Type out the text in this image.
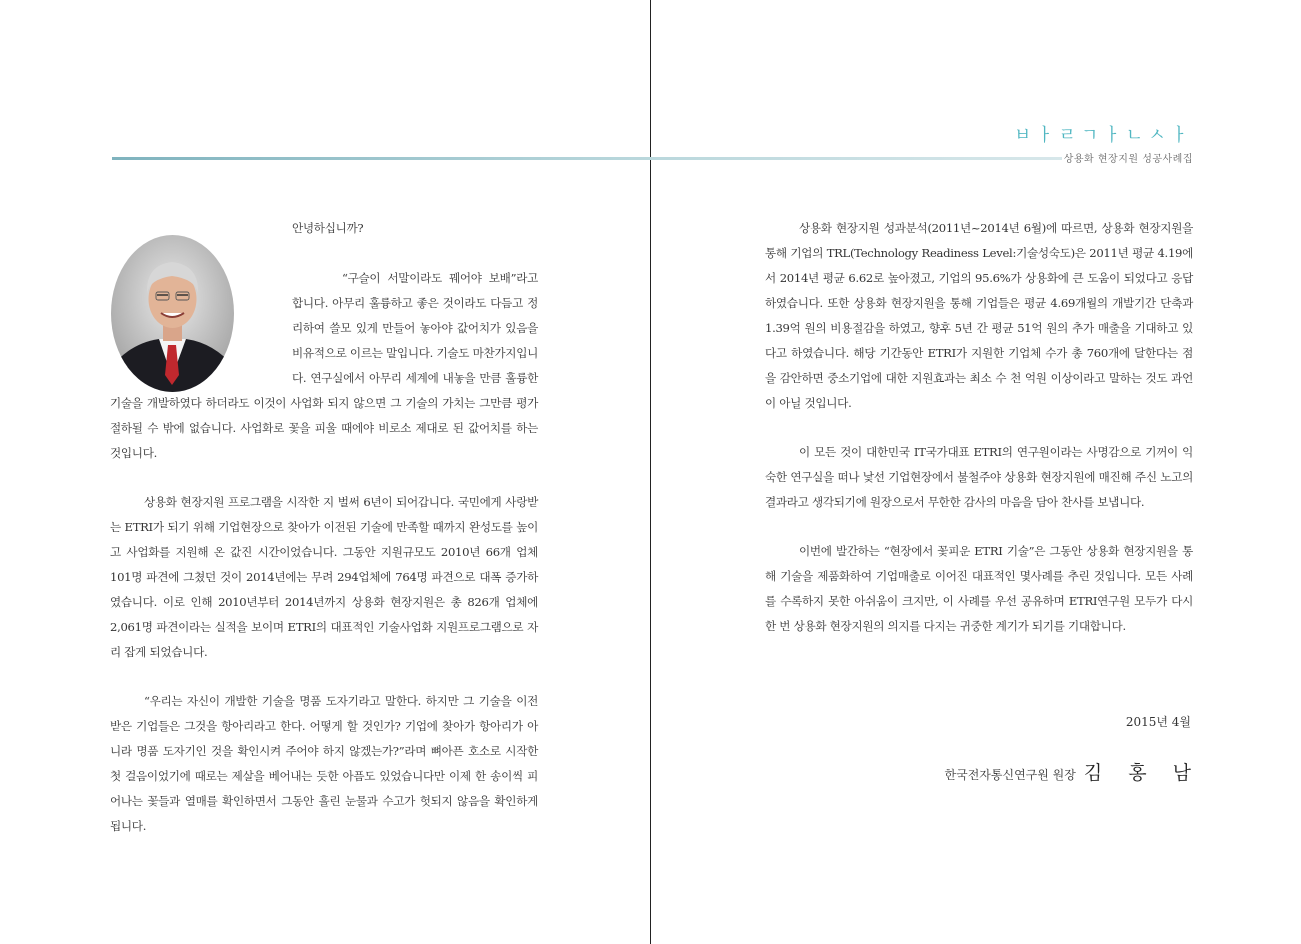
ㅂㅏㄹㄱㅏㄴㅅㅏ
상용화 현장지원 성공사례집
안녕하십니까?

“구슬이 서말이라도 꿰어야 보배”라고 합니다. 아무리 훌륭하고 좋은 것이라도 다듬고 정리하여 쓸모 있게 만들어 놓아야 값어치가 있음을 비유적으로 이르는 말입니다. 기술도 마찬가지입니다. 연구실에서 아무리 세계에 내놓을 만큼 훌륭한 기술을 개발하였다 하더라도 이것이 사업화 되지 않으면 그 기술의 가치는 그만큼 평가절하될 수 밖에 없습니다. 사업화로 꽃을 피울 때에야 비로소 제대로 된 값어치를 하는 것입니다.

상용화 현장지원 프로그램을 시작한 지 벌써 6년이 되어갑니다. 국민에게 사랑받는 ETRI가 되기 위해 기업현장으로 찾아가 이전된 기술에 만족할 때까지 완성도를 높이고 사업화를 지원해 온 값진 시간이었습니다. 그동안 지원규모도 2010년 66개 업체 101명 파견에 그쳤던 것이 2014년에는 무려 294업체에 764명 파견으로 대폭 증가하였습니다. 이로 인해 2010년부터 2014년까지 상용화 현장지원은 총 826개 업체에 2,061명 파견이라는 실적을 보이며 ETRI의 대표적인 기술사업화 지원프로그램으로 자리 잡게 되었습니다.

“우리는 자신이 개발한 기술을 명품 도자기라고 말한다. 하지만 그 기술을 이전 받은 기업들은 그것을 항아리라고 한다. 어떻게 할 것인가? 기업에 찾아가 항아리가 아니라 명품 도자기인 것을 확인시켜 주어야 하지 않겠는가?”라며 뼈아픈 호소로 시작한 첫 걸음이었기에 때로는 제살을 베어내는 듯한 아픔도 있었습니다만 이제 한 송이씩 피어나는 꽃들과 열매를 확인하면서 그동안 흘린 눈물과 수고가 헛되지 않음을 확인하게 됩니다.

상용화 현장지원 성과분석(2011년~2014년 6월)에 따르면, 상용화 현장지원을 통해 기업의 TRL(Technology Readiness Level:기술성숙도)은 2011년 평균 4.19에서 2014년 평균 6.62로 높아졌고, 기업의 95.6%가 상용화에 큰 도움이 되었다고 응답하였습니다. 또한 상용화 현장지원을 통해 기업들은 평균 4.69개월의 개발기간 단축과 1.39억 원의 비용절감을 하였고, 향후 5년 간 평균 51억 원의 추가 매출을 기대하고 있다고 하였습니다. 해당 기간동안 ETRI가 지원한 기업체 수가 총 760개에 달한다는 점을 감안하면 중소기업에 대한 지원효과는 최소 수 천 억원 이상이라고 말하는 것도 과언이 아닐 것입니다.

이 모든 것이 대한민국 IT국가대표 ETRI의 연구원이라는 사명감으로 기꺼이 익숙한 연구실을 떠나 낯선 기업현장에서 불철주야 상용화 현장지원에 매진해 주신 노고의 결과라고 생각되기에 원장으로서 무한한 감사의 마음을 담아 찬사를 보냅니다.

이번에 발간하는 “현장에서 꽃피운 ETRI 기술”은 그동안 상용화 현장지원을 통해 기술을 제품화하여 기업매출로 이어진 대표적인 몇사례를 추린 것입니다. 모든 사례를 수록하지 못한 아쉬움이 크지만, 이 사례를 우선 공유하며 ETRI연구원 모두가 다시 한 번 상용화 현장지원의 의지를 다지는 귀중한 계기가 되기를 기대합니다.

2015년 4월
한국전자통신연구원 원장 김 홍 남
